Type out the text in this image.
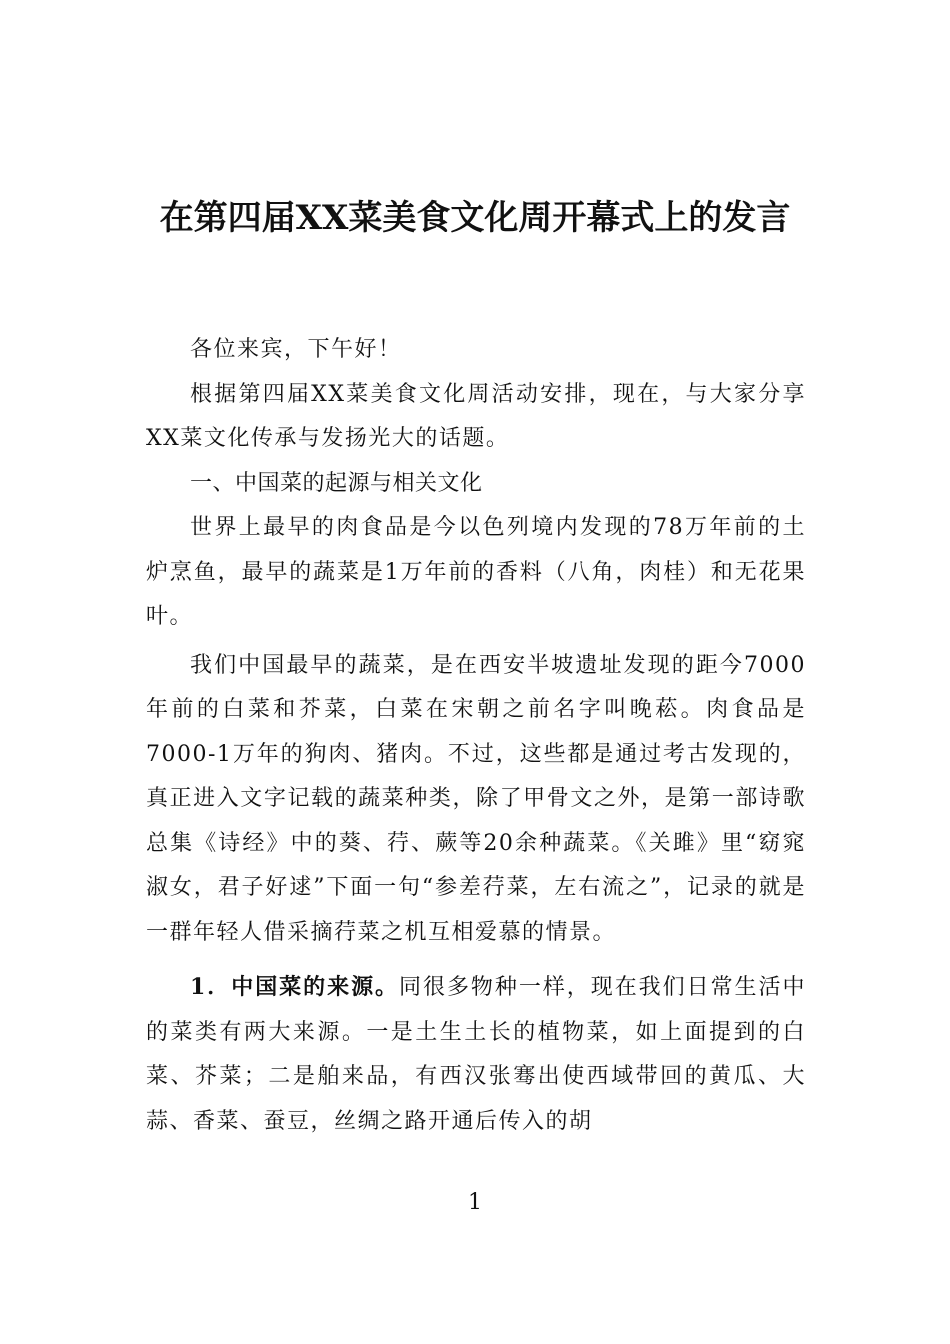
在第四届XX菜美食文化周开幕式上的发言

各位来宾，下午好！

根据第四届XX菜美食文化周活动安排，现在，与大家分享XX菜文化传承与发扬光大的话题。

一、中国菜的起源与相关文化

世界上最早的肉食品是今以色列境内发现的78万年前的土炉烹鱼，最早的蔬菜是1万年前的香料（八角，肉桂）和无花果叶。

我们中国最早的蔬菜，是在西安半坡遗址发现的距今7000年前的白菜和芥菜，白菜在宋朝之前名字叫晚菘。肉食品是7000-1万年的狗肉、猪肉。不过，这些都是通过考古发现的，真正进入文字记载的蔬菜种类，除了甲骨文之外，是第一部诗歌总集《诗经》中的葵、荇、蕨等20余种蔬菜。《关雎》里“窈窕淑女，君子好逑”下面一句“参差荇菜，左右流之”，记录的就是一群年轻人借采摘荇菜之机互相爱慕的情景。

1．中国菜的来源。同很多物种一样，现在我们日常生活中的菜类有两大来源。一是土生土长的植物菜，如上面提到的白菜、芥菜；二是舶来品，有西汉张骞出使西域带回的黄瓜、大蒜、香菜、蚕豆，丝绸之路开通后传入的胡

1
